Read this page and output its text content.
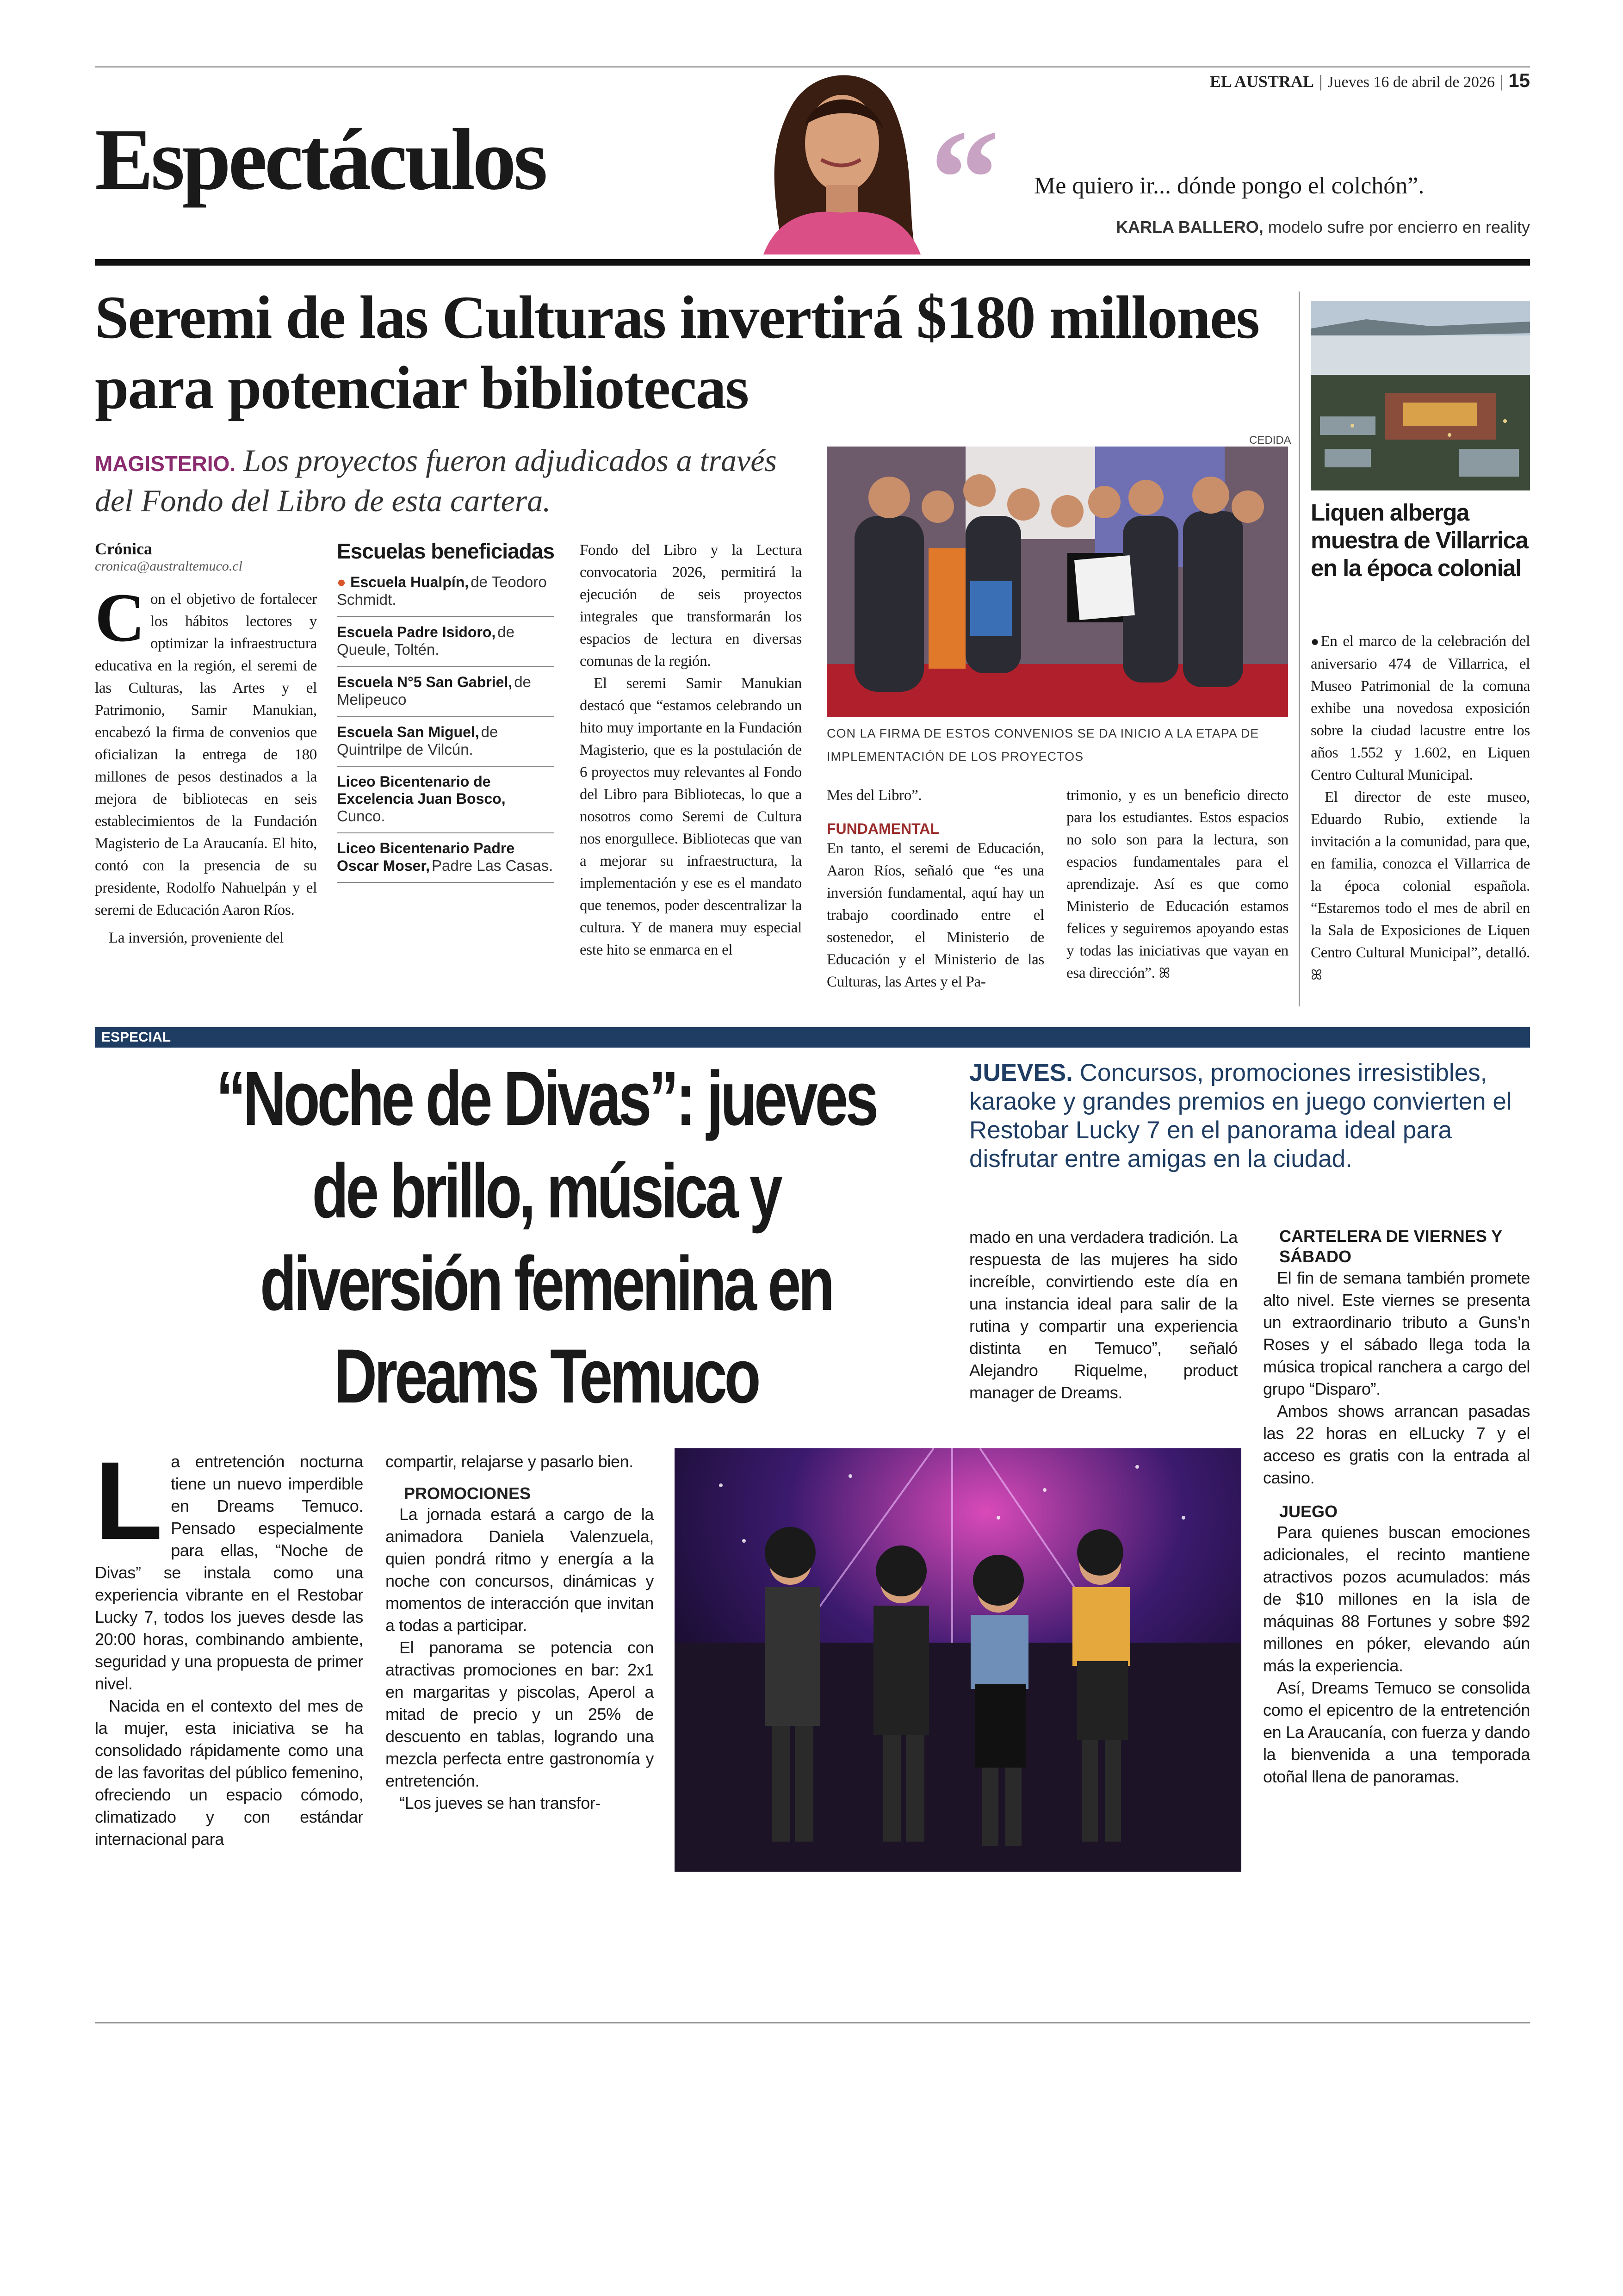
EL AUSTRAL | Jueves 16 de abril de 2026 | 15
Espectáculos	“ Me quiero ir... dónde pongo el colchón”.
KARLA BALLERO, modelo sufre por encierro en reality
Seremi de las Culturas invertirá $180 millones para potenciar bibliotecas
MAGISTERIO. Los proyectos fueron adjudicados a través del Fondo del Libro de esta cartera.
Crónica
cronica@australtemuco.cl

Con el objetivo de fortalecer los hábitos lectores y optimizar la infraestructura educativa en la región, el seremi de las Culturas, las Artes y el Patrimonio, Samir Manukian, encabezó la firma de convenios que oficializan la entrega de 180 millones de pesos destinados a la mejora de bibliotecas en seis establecimientos de la Fundación Magisterio de La Araucanía. El hito, contó con la presencia de su presidente, Rodolfo Nahuelpán y el seremi de Educación Aaron Ríos.

La inversión, proveniente del

Escuelas beneficiadas
● Escuela Hualpín, de Teodoro Schmidt.
Escuela Padre Isidoro, de Queule, Toltén.
Escuela N°5 San Gabriel, de Melipeuco
Escuela San Miguel, de Quintrilpe de Vilcún.
Liceo Bicentenario de Excelencia Juan Bosco, Cunco.
Liceo Bicentenario Padre Oscar Moser, Padre Las Casas.

Fondo del Libro y la Lectura convocatoria 2026, permitirá la ejecución de seis proyectos integrales que transformarán los espacios de lectura en diversas comunas de la región.

El seremi Samir Manukian destacó que “estamos celebrando un hito muy importante en la Fundación Magisterio, que es la postulación de 6 proyectos muy relevantes al Fondo del Libro para Bibliotecas, lo que a nosotros como Seremi de Cultura nos enorgullece. Bibliotecas que van a mejorar su infraestructura, la implementación y ese es el mandato que tenemos, poder descentralizar la cultura. Y de manera muy especial este hito se enmarca en el

CEDIDA
CON LA FIRMA DE ESTOS CONVENIOS SE DA INICIO A LA ETAPA DE IMPLEMENTACIÓN DE LOS PROYECTOS

Mes del Libro”.

FUNDAMENTAL

En tanto, el seremi de Educación, Aaron Ríos, señaló que “es una inversión fundamental, aquí hay un trabajo coordinado entre el sostenedor, el Ministerio de Educación y el Ministerio de las Culturas, las Artes y el Pa-

trimonio, y es un beneficio directo para los estudiantes. Estos espacios no solo son para la lectura, son espacios fundamentales para el aprendizaje. Así es que como Ministerio de Educación estamos felices y seguiremos apoyando estas y todas las iniciativas que vayan en esa dirección”. ꕤ

Liquen alberga muestra de Villarrica en la época colonial

●En el marco de la celebración del aniversario 474 de Villarrica, el Museo Patrimonial de la comuna exhibe una novedosa exposición sobre la ciudad lacustre entre los años 1.552 y 1.602, en Liquen Centro Cultural Municipal.

El director de este museo, Eduardo Rubio, extiende la invitación a la comunidad, para que, en familia, conozca el Villarrica de la época colonial española. “Estaremos todo el mes de abril en la Sala de Exposiciones de Liquen Centro Cultural Municipal”, detalló. ꕤ

ESPECIAL
“Noche de Divas”: jueves de brillo, música y diversión femenina en Dreams Temuco
JUEVES. Concursos, promociones irresistibles, karaoke y grandes premios en juego convierten el Restobar Lucky 7 en el panorama ideal para disfrutar entre amigas en la ciudad.

La entretención nocturna tiene un nuevo imperdible en Dreams Temuco. Pensado especialmente para ellas, “Noche de Divas” se instala como una experiencia vibrante en el Restobar Lucky 7, todos los jueves desde las 20:00 horas, combinando ambiente, seguridad y una propuesta de primer nivel.

Nacida en el contexto del mes de la mujer, esta iniciativa se ha consolidado rápidamente como una de las favoritas del público femenino, ofreciendo un espacio cómodo, climatizado y con estándar internacional para

compartir, relajarse y pasarlo bien.

PROMOCIONES

La jornada estará a cargo de la animadora Daniela Valenzuela, quien pondrá ritmo y energía a la noche con concursos, dinámicas y momentos de interacción que invitan a todas a participar.

El panorama se potencia con atractivas promociones en bar: 2x1 en margaritas y piscolas, Aperol a mitad de precio y un 25% de descuento en tablas, logrando una mezcla perfecta entre gastronomía y entretención.

“Los jueves se han transfor-

mado en una verdadera tradición. La respuesta de las mujeres ha sido increíble, convirtiendo este día en una instancia ideal para salir de la rutina y compartir una experiencia distinta en Temuco”, señaló Alejandro Riquelme, product manager de Dreams.

CARTELERA DE VIERNES Y SÁBADO

El fin de semana también promete alto nivel. Este viernes se presenta un extraordinario tributo a Guns’n Roses y el sábado llega toda la música tropical ranchera a cargo del grupo “Disparo”.

Ambos shows arrancan pasadas las 22 horas en elLucky 7 y el acceso es gratis con la entrada al casino.

JUEGO

Para quienes buscan emociones adicionales, el recinto mantiene atractivos pozos acumulados: más de $10 millones en la isla de máquinas 88 Fortunes y sobre $92 millones en póker, elevando aún más la experiencia.

Así, Dreams Temuco se consolida como el epicentro de la entretención en La Araucanía, con fuerza y dando la bienvenida a una temporada otoñal llena de panoramas.
